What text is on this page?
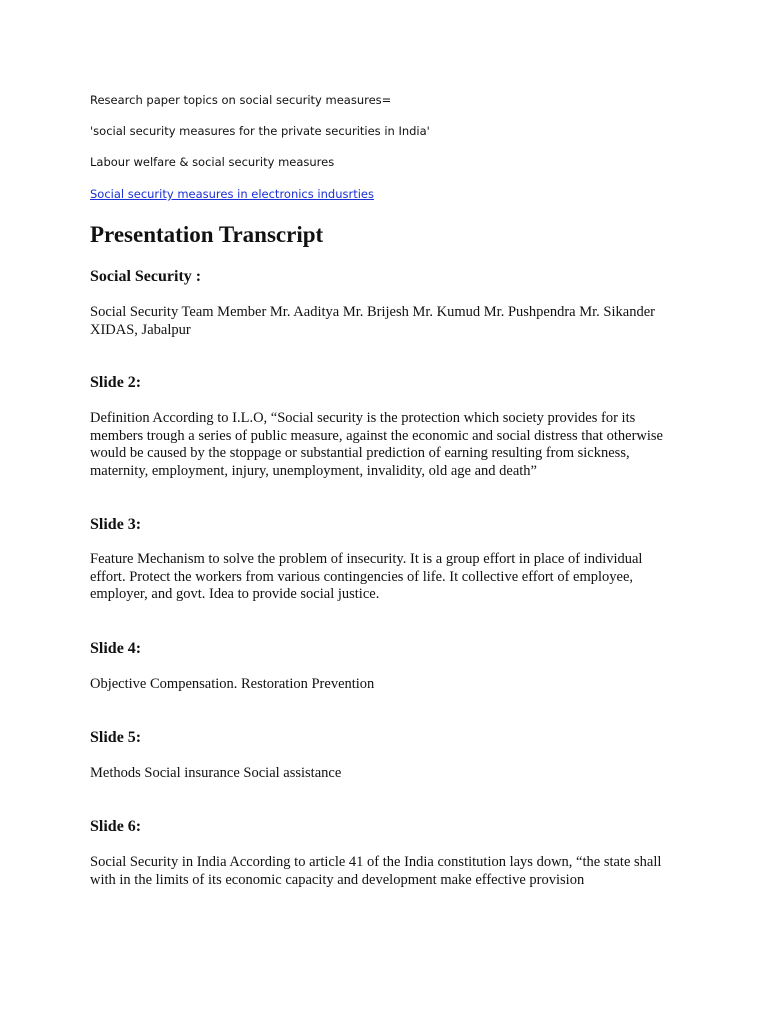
Research paper topics on social security measures=

'social security measures for the private securities in India'

Labour welfare & social security measures

Social security measures in electronics indusrties
Presentation Transcript
Social Security :

Social Security Team Member Mr. Aaditya Mr. Brijesh Mr. Kumud Mr. Pushpendra Mr. Sikander XIDAS, Jabalpur

Slide 2:

Definition According to I.L.O, “Social security is the protection which society provides for its members trough a series of public measure, against the economic and social distress that otherwise would be caused by the stoppage or substantial prediction of earning resulting from sickness, maternity, employment, injury, unemployment, invalidity, old age and death”

Slide 3:

Feature Mechanism to solve the problem of insecurity. It is a group effort in place of individual effort. Protect the workers from various contingencies of life. It collective effort of employee, employer, and govt. Idea to provide social justice.

Slide 4:

Objective Compensation. Restoration Prevention

Slide 5:

Methods Social insurance Social assistance

Slide 6:

Social Security in India According to article 41 of the India constitution lays down, “the state shall with in the limits of its economic capacity and development make effective provision
